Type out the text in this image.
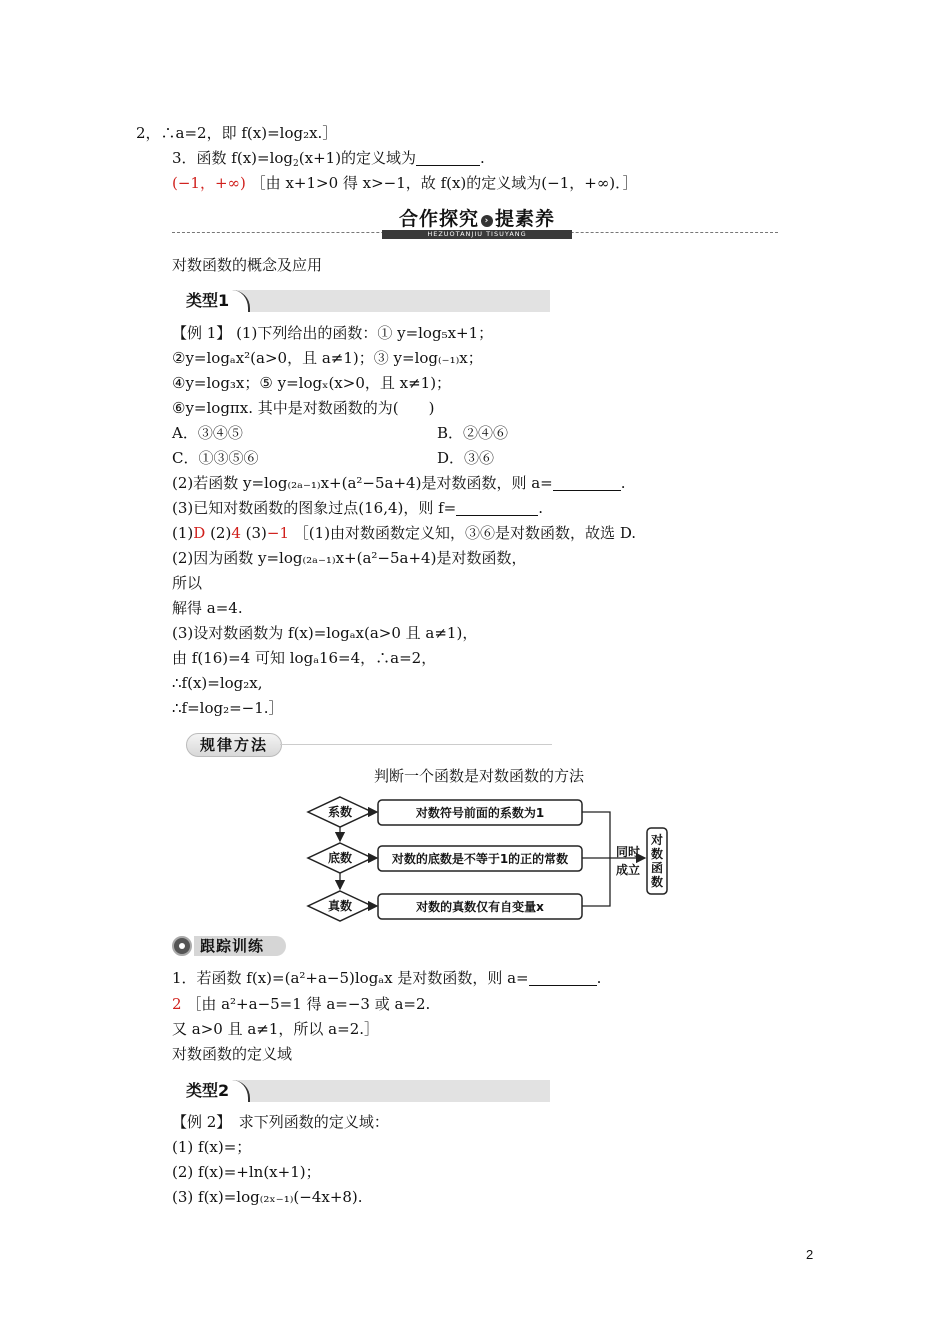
2，∴a=2，即 f(x)=log₂x.］
3．函数 $f(x)=\log_2(x+1)$的定义域为	.
(−1，+∞) ［由 x+1>0 得 x>−1，故 f(x)的定义域为(−1，+∞)．］
合作探究 › 提素养
HEZUOTANJIU TISUYANG
对数函数的概念及应用
类型1
【例 1】 (1)下列给出的函数：① y=log₅x+1；
②y=logₐx²(a>0，且 a≠1)；③ y=log₍₋₁₎x；
④y=log₃x；⑤ y=logₓ(x>0，且 x≠1)；
⑥y=logπx. 其中是对数函数的为(　　)
A．③④⑤	B．②④⑥
C．①③⑤⑥	D．③⑥
(2)若函数 y=log₍₂ₐ₋₁₎x+(a²−5a+4)是对数函数，则 a=	.
(3)已知对数函数的图象过点(16,4)，则 f=	.
(1)D (2)4 (3)−1 ［(1)由对数函数定义知，③⑥是对数函数，故选 D.
(2)因为函数 y=log₍₂ₐ₋₁₎x+(a²−5a+4)是对数函数，
所以
解得 a=4.
(3)设对数函数为 f(x)=logₐx(a>0 且 a≠1)，
由 f(16)=4 可知 logₐ16=4，∴a=2，
∴f(x)=log₂x,
∴f=log₂=−1.］
规律方法
判断一个函数是对数函数的方法
系数
底数
真数
对数符号前面的系数为1
对数的底数是不等于1的正的常数
对数的真数仅有自变量x
同时
成立
对
数
函
数
跟踪训练
1．若函数 f(x)=(a²+a−5)logₐx 是对数函数，则 a=	.
2 ［由 a²+a−5=1 得 a=−3 或 a=2.
又 a>0 且 a≠1，所以 a=2.］
对数函数的定义域
类型2
【例 2】　求下列函数的定义域：
(1) f(x)=；
(2) f(x)=+ln(x+1)；
(3) f(x)=log₍₂ₓ₋₁₎(−4x+8).
2
